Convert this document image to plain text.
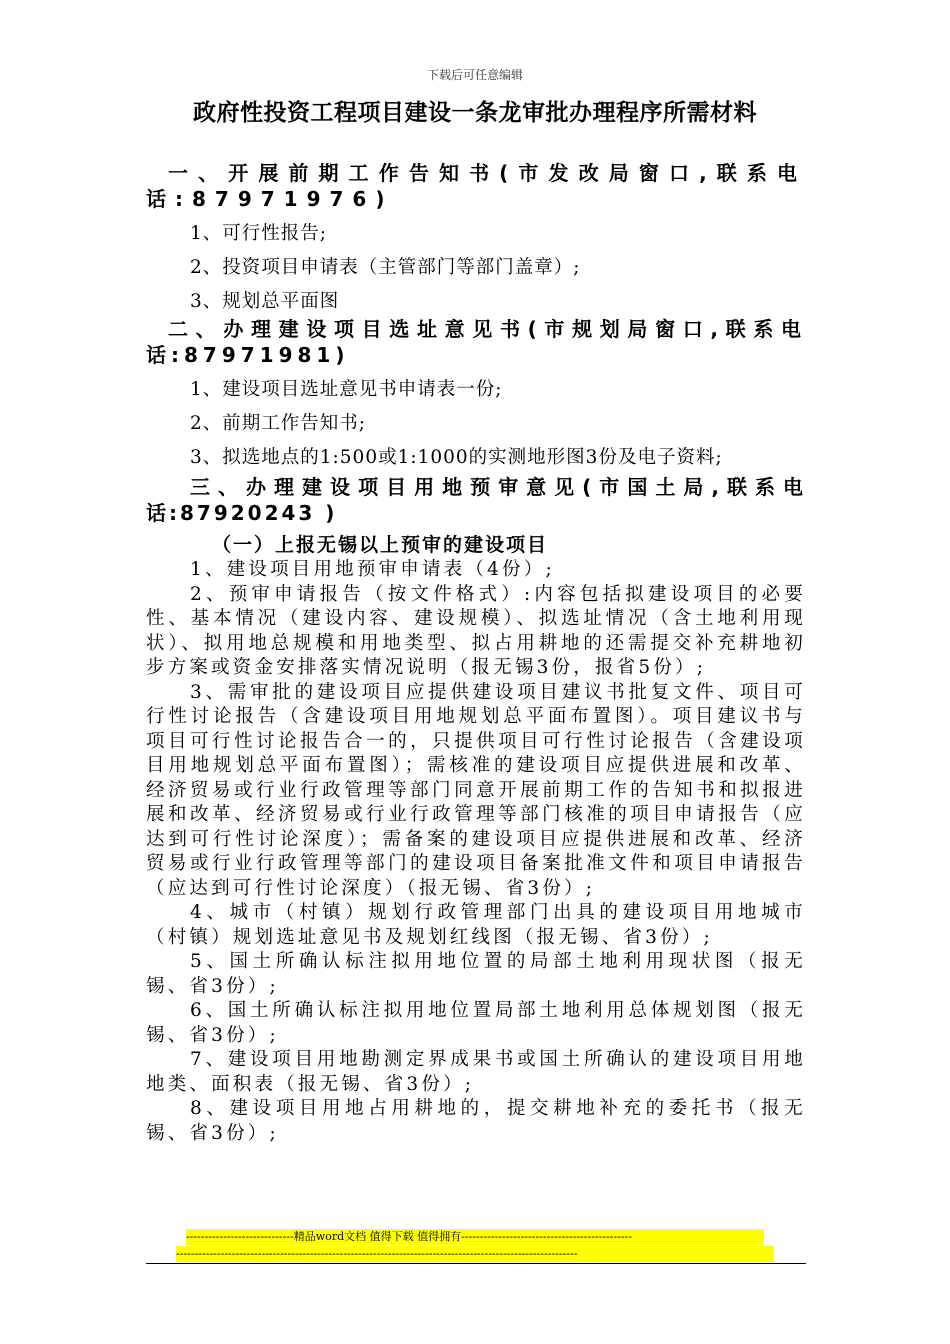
下载后可任意编辑
政府性投资工程项目建设一条龙审批办理程序所需材料

一、开展前期工作告知书(市发改局窗口,联系电话:87971976)

1、可行性报告;

2、投资项目申请表（主管部门等部门盖章）;

3、规划总平面图

二、办理建设项目选址意见书(市规划局窗口,联系电话:87971981)

1、建设项目选址意见书申请表一份;

2、前期工作告知书;

3、拟选地点的1:500或1:1000的实测地形图3份及电子资料;

三、办理建设项目用地预审意见(市国土局,联系电话:87920243 )

（一）上报无锡以上预审的建设项目

1、建设项目用地预审申请表（4份）;

2、预审申请报告（按文件格式）:内容包括拟建设项目的必要性、基本情况（建设内容、建设规模）、拟选址情况（含土地利用现状）、拟用地总规模和用地类型、拟占用耕地的还需提交补充耕地初步方案或资金安排落实情况说明（报无锡3份，报省5份）;

3、需审批的建设项目应提供建设项目建议书批复文件、项目可行性讨论报告（含建设项目用地规划总平面布置图）。项目建议书与项目可行性讨论报告合一的，只提供项目可行性讨论报告（含建设项目用地规划总平面布置图）；需核准的建设项目应提供进展和改革、经济贸易或行业行政管理等部门同意开展前期工作的告知书和拟报进展和改革、经济贸易或行业行政管理等部门核准的项目申请报告（应达到可行性讨论深度）；需备案的建设项目应提供进展和改革、经济贸易或行业行政管理等部门的建设项目备案批准文件和项目申请报告（应达到可行性讨论深度）（报无锡、省3份）;

4、城市（村镇）规划行政管理部门出具的建设项目用地城市（村镇）规划选址意见书及规划红线图（报无锡、省3份）;

5、国土所确认标注拟用地位置的局部土地利用现状图（报无锡、省3份）;

6、国土所确认标注拟用地位置局部土地利用总体规划图（报无锡、省3份）;

7、建设项目用地勘测定界成果书或国土所确认的建设项目用地地类、面积表（报无锡、省3份）;

8、建设项目用地占用耕地的，提交耕地补充的委托书（报无锡、省3份）;

-----------------------------精品word文档 值得下载 值得拥有----------------------------------------------
------------------------------------------------------------------------------------------------------------
